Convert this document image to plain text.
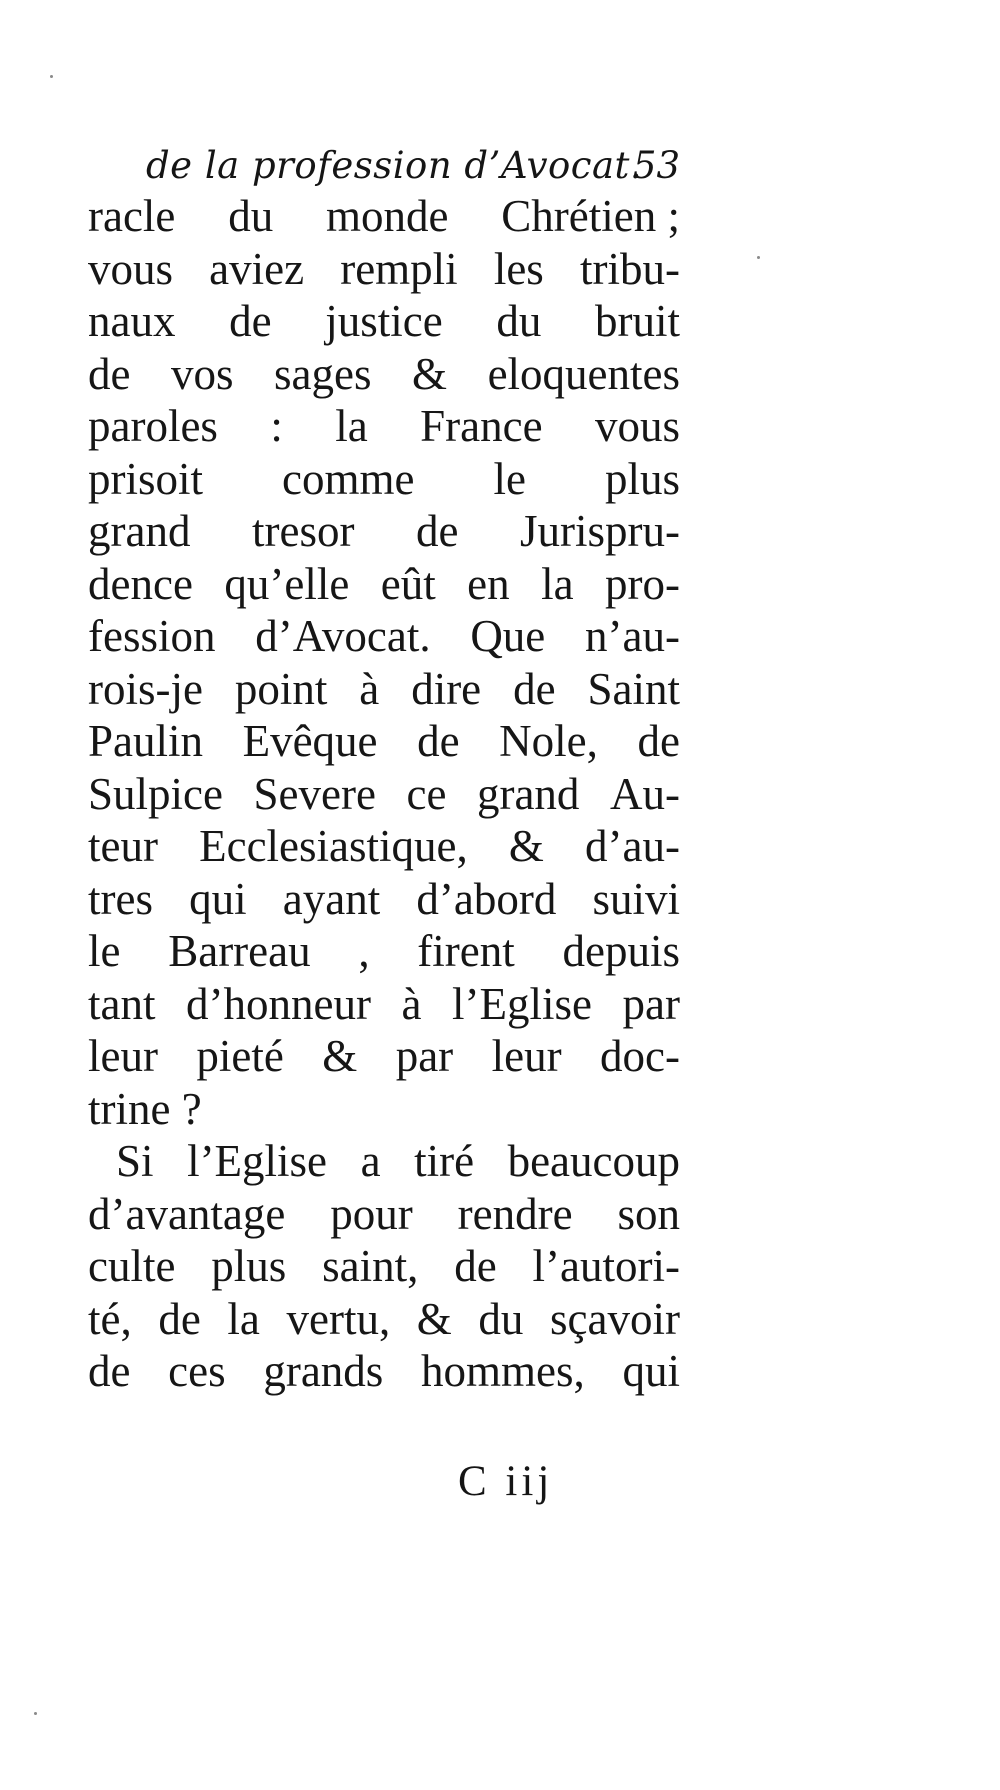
de la profession d’Avocat.
53
racle du monde Chrétien ;
vous aviez rempli les tribu-
naux de justice du bruit
de vos sages & eloquentes
paroles : la France vous
prisoit comme le plus
grand tresor de Jurispru-
dence qu’elle eût en la pro-
fession d’Avocat. Que n’au-
rois-je point à dire de Saint
Paulin Evêque de Nole, de
Sulpice Severe ce grand Au-
teur Ecclesiastique, & d’au-
tres qui ayant d’abord suivi
le Barreau , firent depuis
tant d’honneur à l’Eglise par
leur pieté & par leur doc-
trine ?
Si l’Eglise a tiré beaucoup
d’avantage pour rendre son
culte plus saint, de l’autori-
té, de la vertu, & du sçavoir
de ces grands hommes, qui
C iij
